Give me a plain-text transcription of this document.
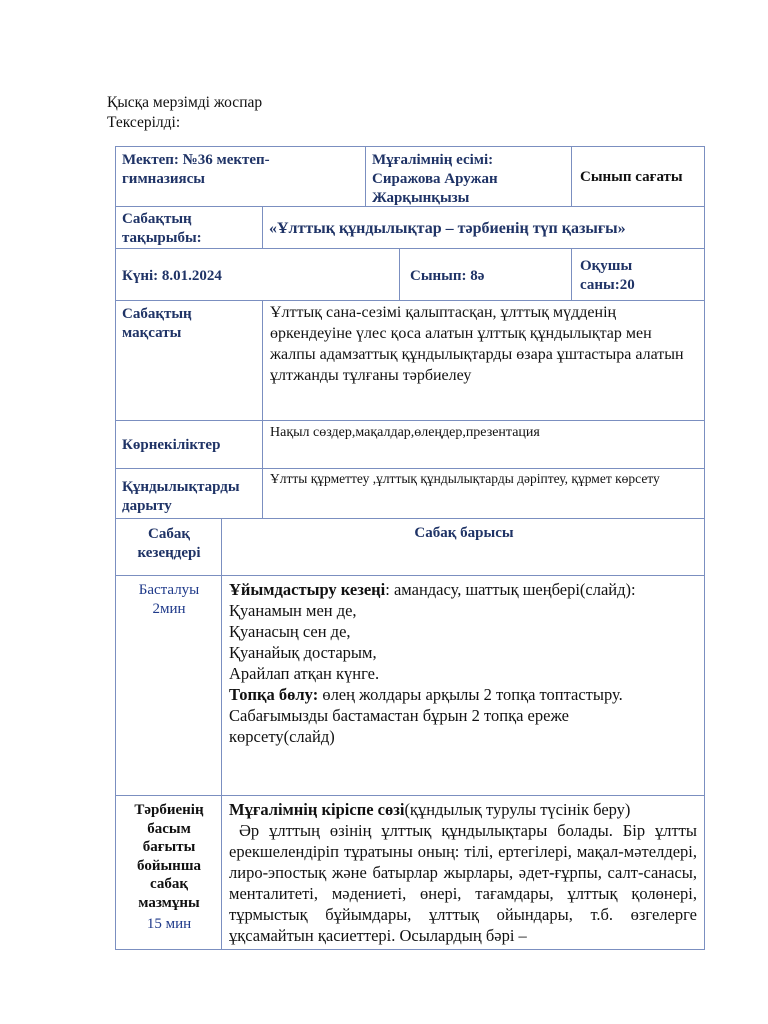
Қысқа мерзімді жоспар
Тексерілді:
Мектеп: №36 мектеп-гимназиясы
Мұғалімнің есімі:
Сиражова Аружан Жарқынқызы
Сынып сағаты
Сабақтың тақырыбы:
«Ұлттық құндылықтар – тәрбиенің түп қазығы»
Күні: 8.01.2024	Сынып: 8ә
Оқушы саны:20
Сабақтың мақсаты
Ұлттық сана-сезімі қалыптасқан, ұлттық мүдденің өркендеуіне үлес қоса алатын ұлттық құндылықтар мен жалпы адамзаттық құндылықтарды өзара ұштастыра алатын ұлтжанды тұлғаны тәрбиелеу
Көрнекіліктер
Нақыл сөздер,мақалдар,өлеңдер,презентация
Құндылықтарды дарыту
Ұлтты құрметтеу ,ұлттық құндылықтарды дәріптеу, құрмет көрсету
Сабақ кезеңдері
Сабақ барысы
Басталуы
2мин
Ұйымдастыру кезеңі: амандасу, шаттық шеңбері(слайд):
Қуанамын мен де,
Қуанасың сен де,
Қуанайық достарым,
Арайлап атқан күнге.
Топқа бөлу: өлең жолдары арқылы 2 топқа топтастыру.
Сабағымызды бастамастан бұрын 2 топқа ереже көрсету(слайд)
Тәрбиенің басым бағыты бойынша сабақ мазмұны
15 мин
Мұғалімнің кіріспе сөзі(құндылық турулы түсінік беру)
Әр ұлттың өзінің ұлттық құндылықтары болады. Бір ұлтты ерекшелендіріп тұратыны оның: тілі, ертегілері, мақал-мәтелдері, лиро-эпостық және батырлар жырлары, әдет-ғұрпы, салт-санасы, менталитеті, мәдениеті, өнері, тағамдары, ұлттық қолөнері, тұрмыстық бұйымдары, ұлттық ойындары, т.б. өзгелерге ұқсамайтын қасиеттері. Осылардың бәрі –
